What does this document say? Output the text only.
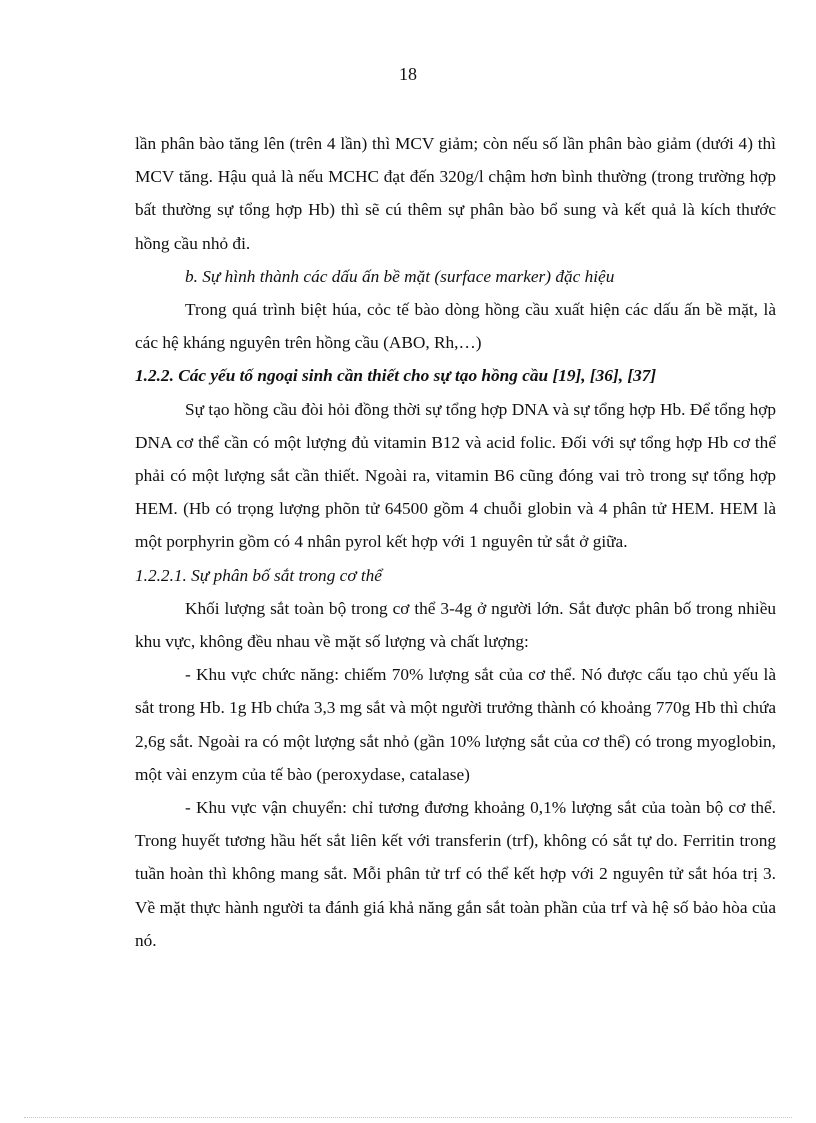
18

lần phân bào tăng lên (trên 4 lần) thì MCV giảm; còn nếu số lần phân bào giảm (dưới 4) thì MCV tăng. Hậu quả là nếu MCHC đạt đến 320g/l chậm hơn bình thường (trong trường hợp bất thường sự tổng hợp Hb) thì sẽ cú thêm sự phân bào bổ sung và kết quả là kích thước hồng cầu nhỏ đi.

b. Sự hình thành các dấu ấn bề mặt (surface marker) đặc hiệu

Trong quá trình biệt húa, cỏc tế bào dòng hồng cầu xuất hiện các dấu ấn bề mặt, là các hệ kháng nguyên trên hồng cầu (ABO, Rh,…)

1.2.2. Các yếu tố ngoại sinh cần thiết cho sự tạo hồng cầu [19], [36], [37]

Sự tạo hồng cầu đòi hỏi đồng thời sự tổng hợp DNA và sự tổng hợp Hb. Để tổng hợp DNA cơ thể cần có một lượng đủ vitamin B12 và acid folic. Đối với sự tổng hợp Hb cơ thể phải có một lượng sắt cần thiết. Ngoài ra, vitamin B6 cũng đóng vai trò trong sự tổng hợp HEM. (Hb có trọng lượng phõn tử 64500 gồm 4 chuỗi globin và 4 phân tử HEM. HEM là một porphyrin gồm có 4 nhân pyrol kết hợp với 1 nguyên tử sắt ở giữa.

1.2.2.1. Sự phân bố sắt trong cơ thể

Khối lượng sắt toàn bộ trong cơ thể 3-4g ở người lớn. Sắt được phân bố trong nhiều khu vực, không đều nhau về mặt số lượng và chất lượng:

- Khu vực chức năng: chiếm 70% lượng sắt của cơ thể. Nó được cấu tạo chủ yếu là sắt trong Hb. 1g Hb chứa 3,3 mg sắt và một người trưởng thành có khoảng 770g Hb thì chứa 2,6g sắt. Ngoài ra có một lượng sắt nhỏ (gần 10% lượng sắt của cơ thể) có trong myoglobin, một vài enzym của tế bào (peroxydase, catalase)

- Khu vực vận chuyển: chỉ tương đương khoảng 0,1% lượng sắt của toàn bộ cơ thể. Trong huyết tương hầu hết sắt liên kết với transferin (trf), không có sắt tự do. Ferritin trong tuần hoàn thì không mang sắt. Mỗi phân tử trf có thể kết hợp với 2 nguyên tử sắt hóa trị 3. Về mặt thực hành người ta đánh giá khả năng gắn sắt toàn phần của trf và hệ số bảo hòa của nó.
